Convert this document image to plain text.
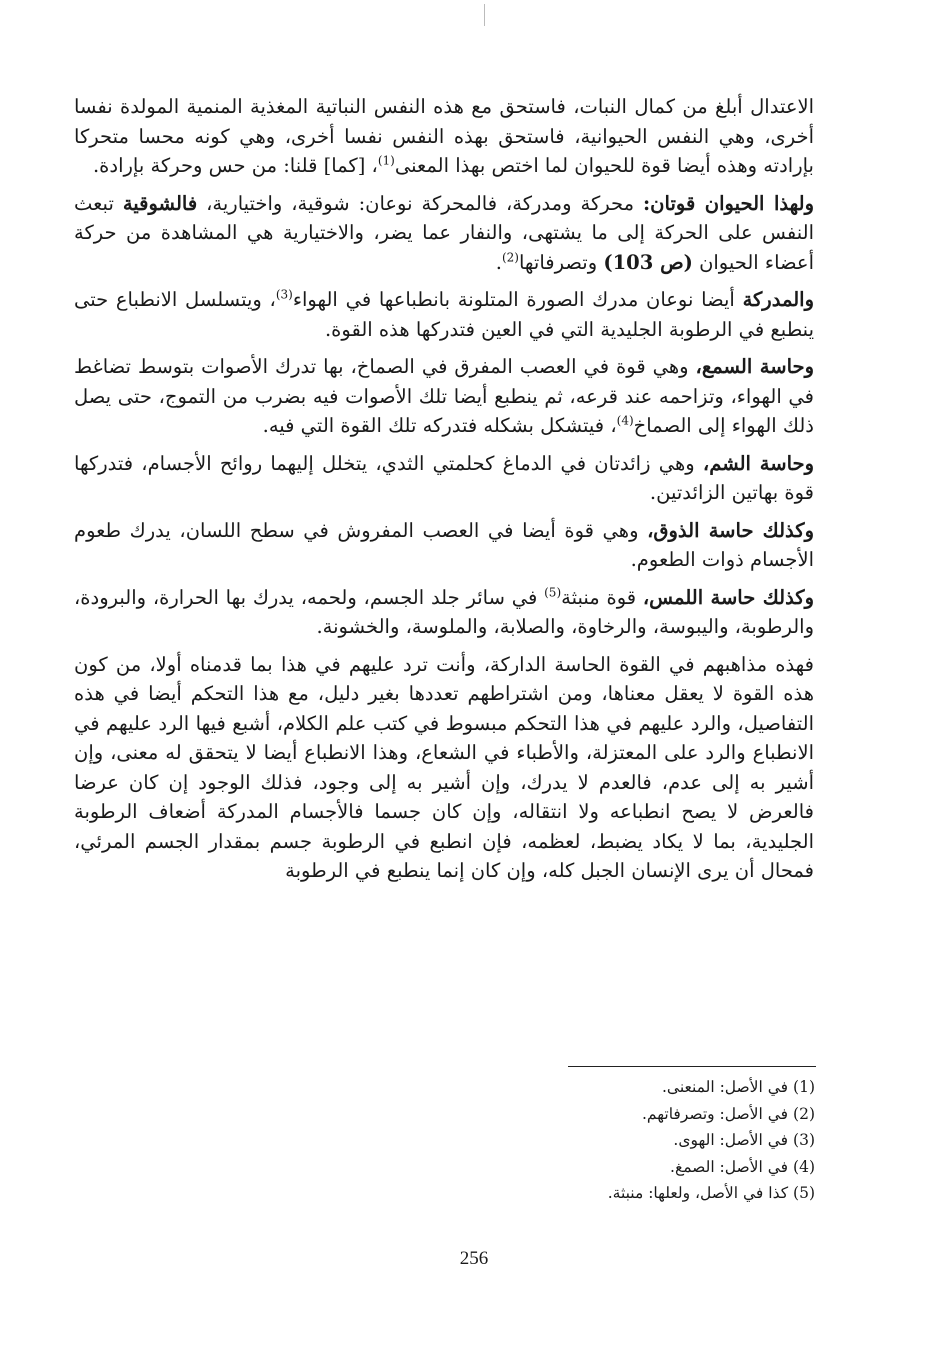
الاعتدال أبلغ من كمال النبات، فاستحق مع هذه النفس النباتية المغذية المنمية المولدة نفسا أخرى، وهي النفس الحيوانية، فاستحق بهذه النفس نفسا أخرى، وهي كونه محسا متحركا بإرادته وهذه أيضا قوة للحيوان لما اختص بهذا المعنى$^{(1)}$، [كما] قلنا: من حس وحركة بإرادة.

ولهذا الحيوان قوتان: محركة ومدركة، فالمحركة نوعان: شوقية، واختيارية، فالشوقية تبعث النفس على الحركة إلى ما يشتهى، والنفار عما يضر، والاختيارية هي المشاهدة من حركة أعضاء الحيوان (ص 103) وتصرفاتها$^{(2)}$.

والمدركة أيضا نوعان مدرك الصورة المتلونة بانطباعها في الهواء$^{(3)}$، ويتسلسل الانطباع حتى ينطبع في الرطوبة الجليدية التي في العين فتدركها هذه القوة.

وحاسة السمع، وهي قوة في العصب المفرق في الصماخ، بها تدرك الأصوات بتوسط تضاغط في الهواء، وتزاحمه عند قرعه، ثم ينطبع أيضا تلك الأصوات فيه بضرب من التموج، حتى يصل ذلك الهواء إلى الصماخ$^{(4)}$، فيتشكل بشكله فتدركه تلك القوة التي فيه.

وحاسة الشم، وهي زائدتان في الدماغ كحلمتي الثدي، يتخلل إليهما روائح الأجسام، فتدركها قوة بهاتين الزائدتين.

وكذلك حاسة الذوق، وهي قوة أيضا في العصب المفروش في سطح اللسان، يدرك طعوم الأجسام ذوات الطعوم.

وكذلك حاسة اللمس، قوة منبثة$^{(5)}$ في سائر جلد الجسم، ولحمه، يدرك بها الحرارة، والبرودة، والرطوبة، واليبوسة، والرخاوة، والصلابة، والملوسة، والخشونة.

فهذه مذاهبهم في القوة الحاسة الداركة، وأنت ترد عليهم في هذا بما قدمناه أولا، من كون هذه القوة لا يعقل معناها، ومن اشتراطهم تعددها بغير دليل، مع هذا التحكم أيضا في هذه التفاصيل، والرد عليهم في هذا التحكم مبسوط في كتب علم الكلام، أشبع فيها الرد عليهم في الانطباع والرد على المعتزلة، والأطباء في الشعاع، وهذا الانطباع أيضا لا يتحقق له معنى، وإن أشير به إلى عدم، فالعدم لا يدرك، وإن أشير به إلى وجود، فذلك الوجود إن كان عرضا فالعرض لا يصح انطباعه ولا انتقاله، وإن كان جسما فالأجسام المدركة أضعاف الرطوبة الجليدية، بما لا يكاد يضبط، لعظمه، فإن انطبع في الرطوبة جسم بمقدار الجسم المرئي، فمحال أن يرى الإنسان الجبل كله، وإن كان إنما ينطبع في الرطوبة

(1) في الأصل: المنعنى.
(2) في الأصل: وتصرفاتهم.
(3) في الأصل: الهوى.
(4) في الأصل: الصمغ.
(5) كذا في الأصل، ولعلها: منبثة.
256
